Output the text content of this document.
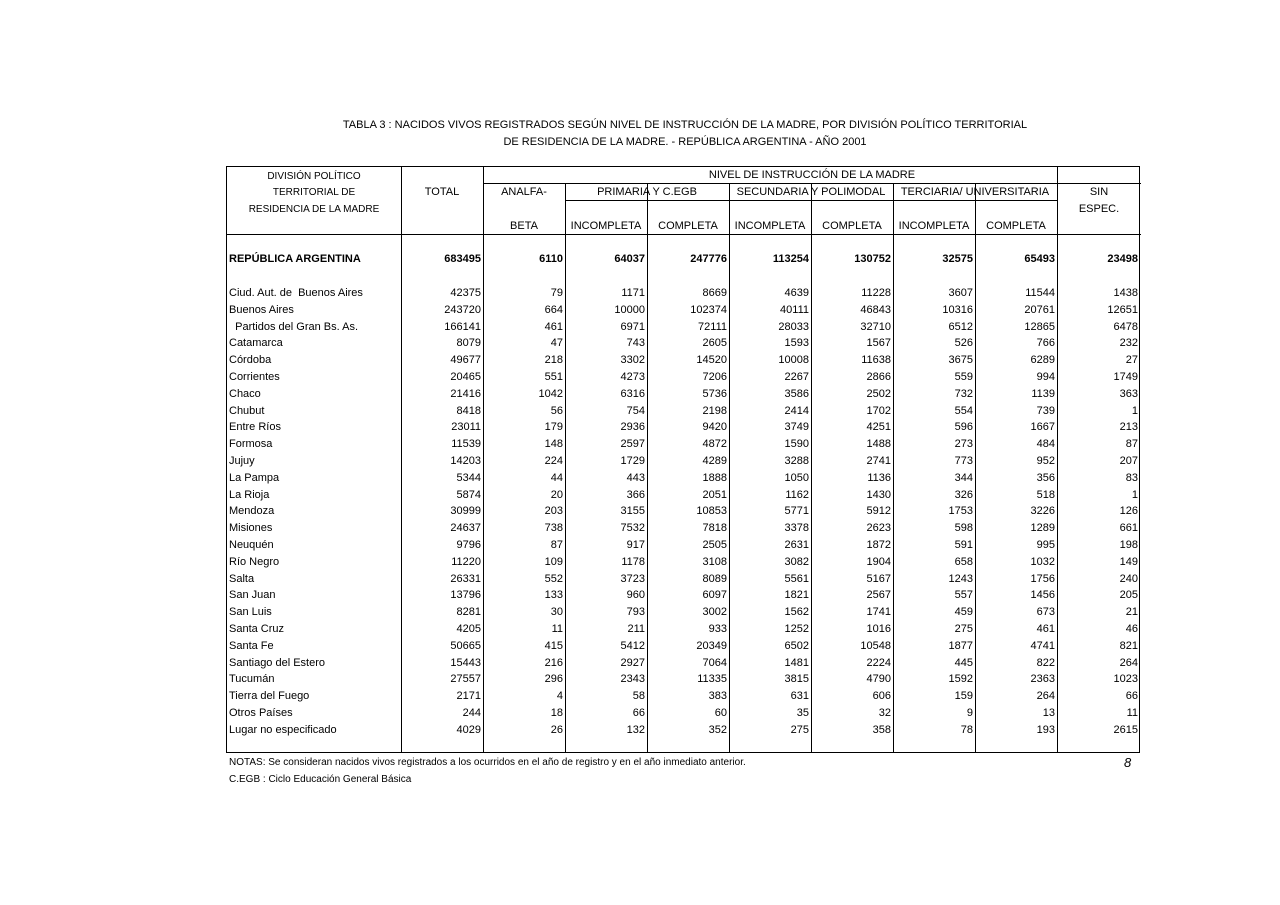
TABLA 3 : NACIDOS VIVOS REGISTRADOS SEGÚN NIVEL DE INSTRUCCIÓN DE LA MADRE, POR DIVISIÓN POLÍTICO TERRITORIAL
DE RESIDENCIA DE LA MADRE. - REPÚBLICA ARGENTINA - AÑO 2001
DIVISIÓN POLÍTICO
TERRITORIAL DE
RESIDENCIA DE LA MADRE
TOTAL
NIVEL DE INSTRUCCIÓN DE LA MADRE
ANALFA-
BETA
PRIMARIA Y C.EGB	SECUNDARIA Y POLIMODAL	TERCIARIA/ UNIVERSITARIA	SIN
ESPEC.
INCOMPLETA	COMPLETA	INCOMPLETA	COMPLETA	INCOMPLETA	COMPLETA
REPÚBLICA ARGENTINA	683495	6110	64037	247776	113254	130752	32575	65493	23498
Ciud. Aut. de  Buenos Aires	42375	79	1171	8669	4639	11228	3607	11544	1438
Buenos Aires	243720	664	10000	102374	40111	46843	10316	20761	12651
Partidos del Gran Bs. As.	166141	461	6971	72111	28033	32710	6512	12865	6478
Catamarca	8079	47	743	2605	1593	1567	526	766	232
Córdoba	49677	218	3302	14520	10008	11638	3675	6289	27
Corrientes	20465	551	4273	7206	2267	2866	559	994	1749
Chaco	21416	1042	6316	5736	3586	2502	732	1139	363
Chubut	8418	56	754	2198	2414	1702	554	739	1
Entre Ríos	23011	179	2936	9420	3749	4251	596	1667	213
Formosa	11539	148	2597	4872	1590	1488	273	484	87
Jujuy	14203	224	1729	4289	3288	2741	773	952	207
La Pampa	5344	44	443	1888	1050	1136	344	356	83
La Rioja	5874	20	366	2051	1162	1430	326	518	1
Mendoza	30999	203	3155	10853	5771	5912	1753	3226	126
Misiones	24637	738	7532	7818	3378	2623	598	1289	661
Neuquén	9796	87	917	2505	2631	1872	591	995	198
Río Negro	11220	109	1178	3108	3082	1904	658	1032	149
Salta	26331	552	3723	8089	5561	5167	1243	1756	240
San Juan	13796	133	960	6097	1821	2567	557	1456	205
San Luis	8281	30	793	3002	1562	1741	459	673	21
Santa Cruz	4205	11	211	933	1252	1016	275	461	46
Santa Fe	50665	415	5412	20349	6502	10548	1877	4741	821
Santiago del Estero	15443	216	2927	7064	1481	2224	445	822	264
Tucumán	27557	296	2343	11335	3815	4790	1592	2363	1023
Tierra del Fuego	2171	4	58	383	631	606	159	264	66
Otros Países	244	18	66	60	35	32	9	13	11
Lugar no especificado	4029	26	132	352	275	358	78	193	2615
NOTAS: Se consideran nacidos vivos registrados a los ocurridos en el año de registro y en el año inmediato anterior.
C.EGB : Ciclo Educación General Básica
8
